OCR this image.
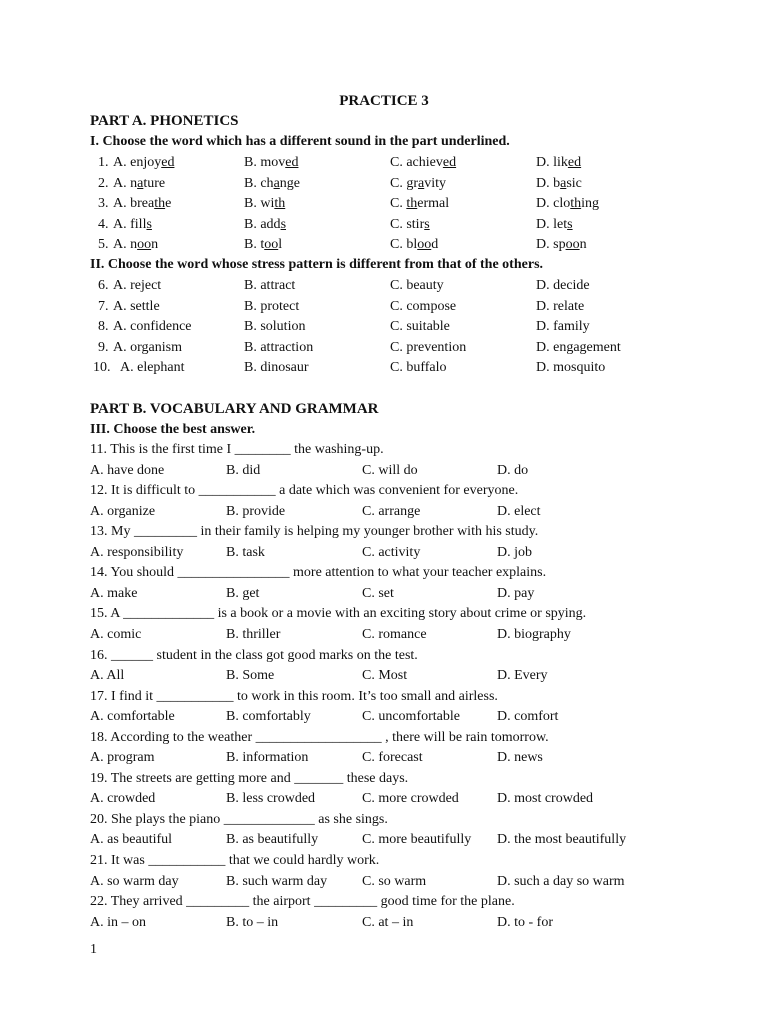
PRACTICE 3
PART A. PHONETICS
I. Choose the word which has a different sound in the part underlined.
1. A. enjoyed	B. moved	C. achieved	D. liked
2. A. nature	B. change	C. gravity	D. basic
3. A. breathe	B. with	C. thermal	D. clothing
4. A. fills	B. adds	C. stirs	D. lets
5. A. noon	B. tool	C. blood	D. spoon
II. Choose the word whose stress pattern is different from that of the others.
6. A. reject	B. attract	C. beauty	D. decide
7. A. settle	B. protect	C. compose	D. relate
8. A. confidence	B. solution	C. suitable	D. family
9. A. organism	B. attraction	C. prevention	D. engagement
10. A. elephant	B. dinosaur	C. buffalo	D. mosquito
PART B. VOCABULARY AND GRAMMAR
III. Choose the best answer.
11. This is the first time I ________ the washing-up.
A. have done	B. did	C. will do	D. do
12. It is difficult to ___________ a date which was convenient for everyone.
A. organize	B. provide	C. arrange	D. elect
13. My _________ in their family is helping my younger brother with his study.
A. responsibility	B. task	C. activity	D. job
14. You should ________________ more attention to what your teacher explains.
A. make	B. get	C. set	D. pay
15. A _____________ is a book or a movie with an exciting story about crime or spying.
A. comic	B. thriller	C. romance	D. biography
16. ______ student in the class got good marks on the test.
A. All	B. Some	C. Most	D. Every
17. I find it ___________ to work in this room. It’s too small and airless.
A. comfortable	B. comfortably	C. uncomfortable	D. comfort
18. According to the weather __________________ , there will be rain tomorrow.
A. program	B. information	C. forecast	D. news
19. The streets are getting more and _______ these days.
A. crowded	B. less crowded	C. more crowded	D. most crowded
20. She plays the piano _____________ as she sings.
A. as beautiful	B. as beautifully	C. more beautifully D. the most beautifully
21. It was ___________ that we could hardly work.
A. so warm day	B. such warm day C. so warm	D. such a day so warm
22. They arrived _________ the airport _________ good time for the plane.
A. in – on	B. to – in	C. at – in	D. to - for
1
